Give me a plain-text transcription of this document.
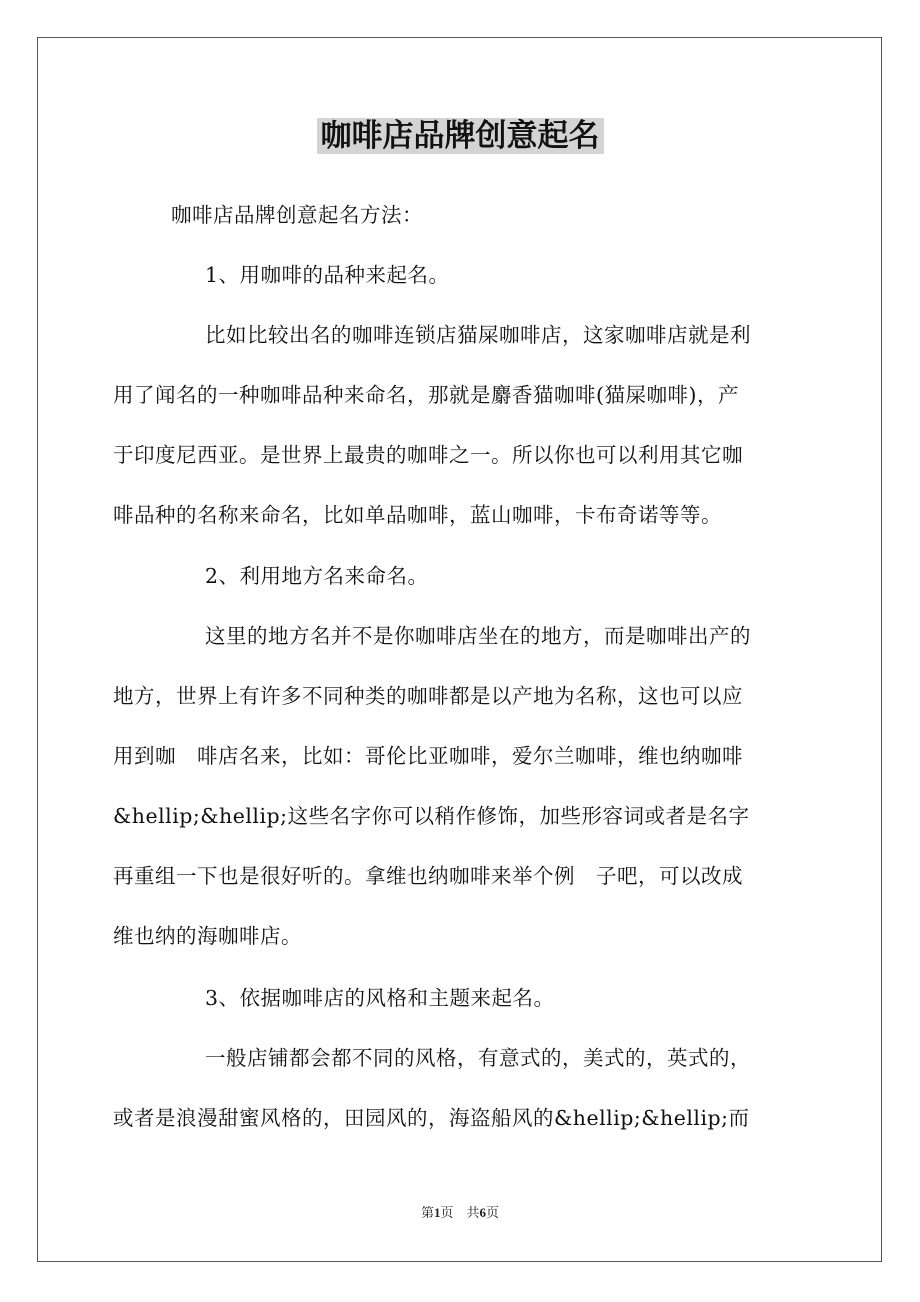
咖啡店品牌创意起名
咖啡店品牌创意起名方法：
1、用咖啡的品种来起名。
比如比较出名的咖啡连锁店猫屎咖啡店，这家咖啡店就是利
用了闻名的一种咖啡品种来命名，那就是麝香猫咖啡(猫屎咖啡)，产
于印度尼西亚。是世界上最贵的咖啡之一。所以你也可以利用其它咖
啡品种的名称来命名，比如单品咖啡，蓝山咖啡，卡布奇诺等等。
2、利用地方名来命名。
这里的地方名并不是你咖啡店坐在的地方，而是咖啡出产的
地方，世界上有许多不同种类的咖啡都是以产地为名称，这也可以应
用到咖　啡店名来，比如：哥伦比亚咖啡，爱尔兰咖啡，维也纳咖啡
&hellip;&hellip;这些名字你可以稍作修饰，加些形容词或者是名字
再重组一下也是很好听的。拿维也纳咖啡来举个例　子吧，可以改成
维也纳的海咖啡店。
3、依据咖啡店的风格和主题来起名。
一般店铺都会都不同的风格，有意式的，美式的，英式的，
或者是浪漫甜蜜风格的，田园风的，海盗船风的&hellip;&hellip;而
第1页 共6页
